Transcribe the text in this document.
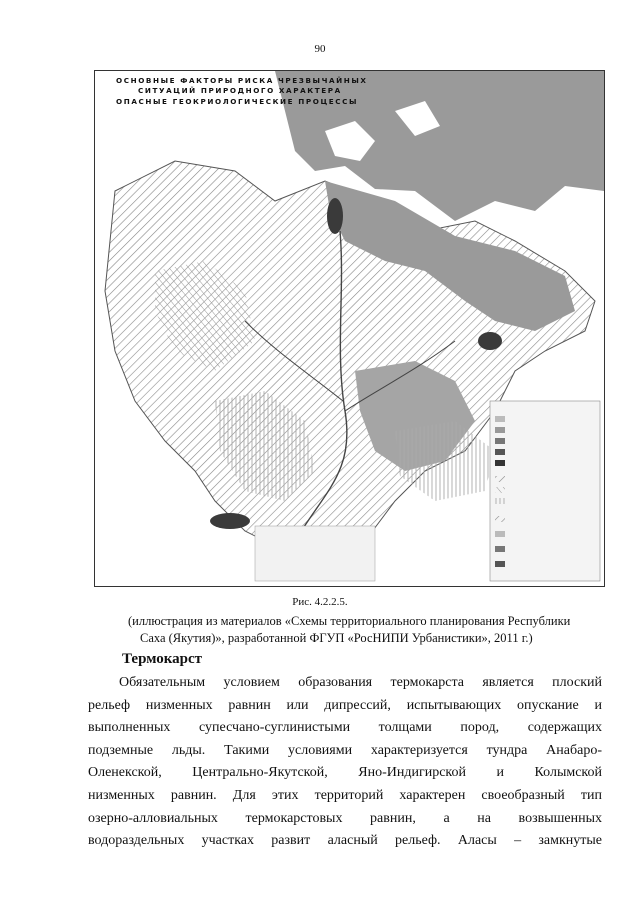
90
ОСНОВНЫЕ ФАКТОРЫ РИСКА ЧРЕЗВЫЧАЙНЫХ
СИТУАЦИЙ ПРИРОДНОГО ХАРАКТЕРА
ОПАСНЫЕ ГЕОКРИОЛОГИЧЕСКИЕ ПРОЦЕССЫ
Рис. 4.2.2.5.
(иллюстрация из материалов «Схемы территориального планирования Республики
Саха (Якутия)», разработанной ФГУП «РосНИПИ Урбанистики», 2011 г.)
Термокарст
Обязательным условием образования термокарста является плоский
рельеф низменных равнин или дипрессий, испытывающих опускание и
выполненных супесчано-суглинистыми толщами пород, содержащих
подземные льды. Такими условиями характеризуется тундра Анабаро-
Оленекской, Центрально-Якутской, Яно-Индигирской и Колымской
низменных равнин. Для этих территорий характерен своеобразный тип
озерно-алловиальных термокарстовых равнин, а на возвышенных
водораздельных участках развит аласный рельеф. Аласы – замкнутые
